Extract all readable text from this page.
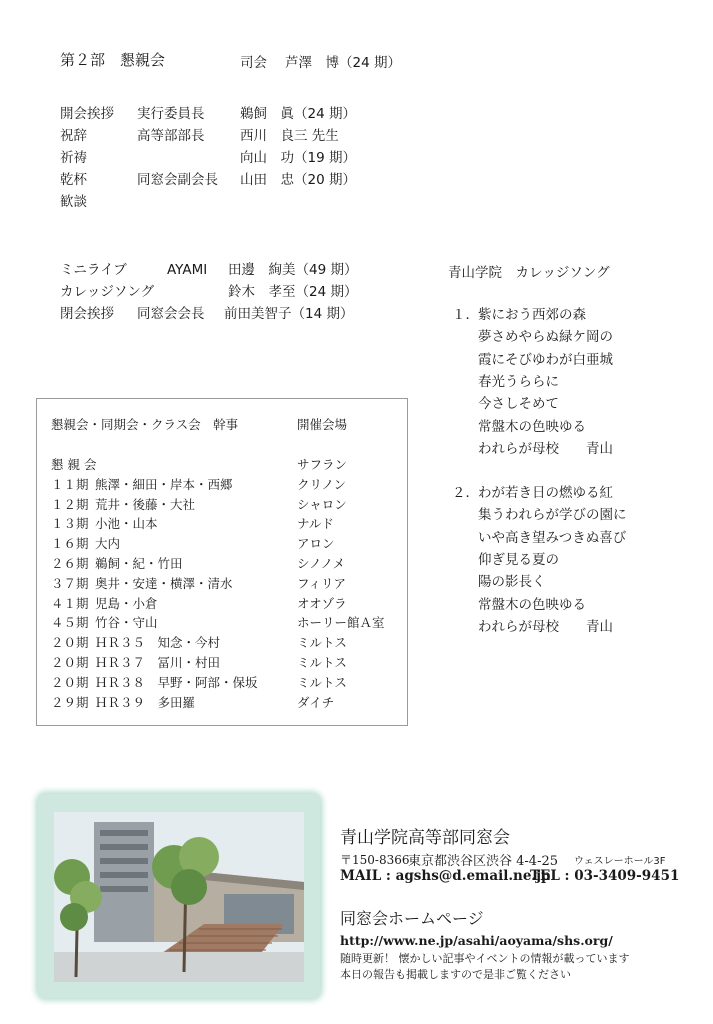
第２部　懇親会	司会 芦澤　博（24 期）
開会挨拶 実行委員長	鵜飼　眞（24 期）
祝辞	高等部部長	西川　良三 先生
祈祷	向山　功（19 期）
乾杯	同窓会副会長 山田　忠（20 期）
歓談
ミニライブ	AYAMI 田邊　絢美（49 期）
カレッジソング	鈴木　孝至（24 期）
閉会挨拶 同窓会会長 前田美智子（14 期）
懇親会・同期会・クラス会　幹事	開催会場
懇 親 会	サフラン
１１期 熊澤・細田・岸本・西郷	クリノン
１２期 荒井・後藤・大社	シャロン
１３期 小池・山本	ナルド
１６期 大内	アロン
２６期 鵜飼・紀・竹田	シノノメ
３７期 奥井・安達・横澤・清水	フィリア
４１期 児島・小倉	オオゾラ
４５期 竹谷・守山	ホーリー館Ａ室
２０期 ＨＲ３５　知念・今村	ミルトス
２０期 ＨＲ３７　冨川・村田	ミルトス
２０期 ＨＲ３８　早野・阿部・保坂	ミルトス
２９期 ＨＲ３９　多田羅	ダイチ
青山学院　カレッジソング
１． 紫におう西郊の森
夢さめやらぬ緑ケ岡の
霞にそびゆわが白亜城
春光うららに
今さしそめて
常盤木の色映ゆる
われらが母校　　青山
２． わが若き日の燃ゆる紅
集うわれらが学びの園に
いや高き望みつきぬ喜び
仰ぎ見る夏の
陽の影長く
常盤木の色映ゆる
われらが母校　　青山
青山学院高等部同窓会
〒150-8366
東京都渋谷区渋谷 4-4-25 ウェスレーホール3F
MAIL : agshs@d.email.ne.jp
TEL : 03-3409-9451
同窓会ホームページ
http://www.ne.jp/asahi/aoyama/shs.org/
随時更新！ 懐かしい記事やイベントの情報が載っています
本日の報告も掲載しますので是非ご覧ください
